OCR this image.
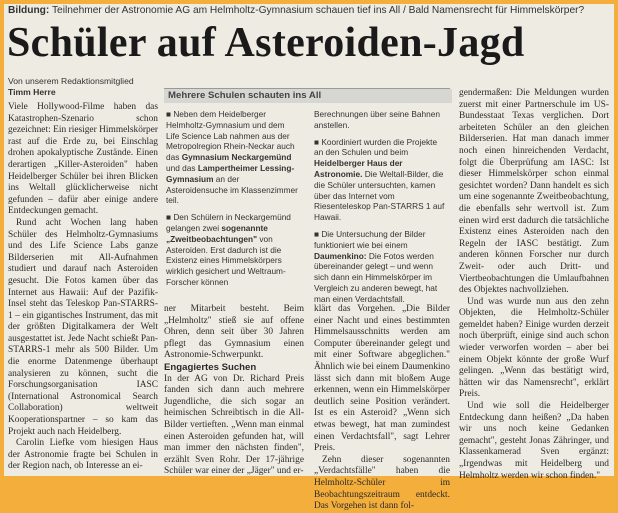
Bildung: Teilnehmer der Astronomie AG am Helmholtz-Gymnasium schauen tief ins All / Bald Namensrecht für Himmelskörper?
Schüler auf Asteroiden-Jagd
Von unserem Redaktionsmitglied
Timm Herre

Viele Hollywood-Filme haben das Katastrophen-Szenario schon gezeichnet: Ein riesiger Himmelskörper rast auf die Erde zu, bei Einschlag drohen apokalyptische Zustände. Einen derartigen „Killer-Asteroiden" haben Heidelberger Schüler bei ihren Blicken ins Weltall glücklicherweise nicht gefunden – dafür aber einige andere Entdeckungen gemacht.

Rund acht Wochen lang haben Schüler des Helmholtz-Gymnasiums und des Life Science Labs ganze Bilderserien mit All-Aufnahmen studiert und darauf nach Asteroiden gesucht. Die Fotos kamen über das Internet aus Hawaii: Auf der Pazifik-Insel steht das Teleskop Pan-STARRS-1 – ein gigantisches Instrument, das mit der größten Digitalkamera der Welt ausgestattet ist. Jede Nacht schießt Pan-STARRS-1 mehr als 500 Bilder. Um die enorme Datenmenge überhaupt analysieren zu können, sucht die Forschungsorganisation IASC (International Astronomical Search Collaboration) weltweit Kooperationspartner – so kam das Projekt auch nach Heidelberg.

Carolin Liefke vom hiesigen Haus der Astronomie fragte bei Schulen in der Region nach, ob Interesse an ei-

Mehrere Schulen schauten ins All

■ Neben dem Heidelberger Helmholtz-Gymnasium und dem Life Science Lab nahmen aus der Metropolregion Rhein-Neckar auch das Gymnasium Neckargemünd und das Lampertheimer Lessing-Gymnasium an der Asteroidensuche im Klassenzimmer teil.

■ Den Schülern in Neckargemünd gelangen zwei sogenannte „Zweitbeobachtungen" von Asteroiden. Erst dadurch ist die Existenz eines Himmelskörpers wirklich gesichert und Weltraum-Forscher können

Berechnungen über seine Bahnen anstellen.

■ Koordiniert wurden die Projekte an den Schulen und beim Heidelberger Haus der Astronomie. Die Weltall-Bilder, die die Schüler untersuchten, kamen über das Internet vom Riesenteleskop Pan-STARRS 1 auf Hawaii.

■ Die Untersuchung der Bilder funktioniert wie bei einem Daumenkino: Die Fotos werden übereinander gelegt – und wenn sich dann ein Himmelskörper im Vergleich zu anderen bewegt, hat man einen Verdachtsfall.

ner Mitarbeit besteht. Beim „Helmholtz" stieß sie auf offene Ohren, denn seit über 30 Jahren pflegt das Gymnasium einen Astronomie-Schwerpunkt.

Engagiertes Suchen

In der AG von Dr. Richard Preis fanden sich dann auch mehrere Jugendliche, die sich sogar an heimischen Schreibtisch in die All-Bilder vertieften. „Wenn man einmal einen Asteroiden gefunden hat, will man immer den nächsten finden", erzählt Sven Rohr. Der 17-jährige Schüler war einer der „Jäger" und er-

klärt das Vorgehen. „Die Bilder einer Nacht und eines bestimmten Himmelsausschnitts werden am Computer übereinander gelegt und mit einer Software abgeglichen." Ähnlich wie bei einem Daumenkino lässt sich dann mit bloßem Auge erkennen, wenn ein Himmelskörper deutlich seine Position verändert. Ist es ein Asteroid? „Wenn sich etwas bewegt, hat man zumindest einen Verdachtsfall", sagt Lehrer Preis.

Zehn dieser sogenannten „Verdachtsfälle" haben die Helmholtz-Schüler im Beobachtungszeitraum entdeckt. Das Vorgehen ist dann fol-

gendermaßen: Die Meldungen wurden zuerst mit einer Partnerschule im US-Bundesstaat Texas verglichen. Dort arbeiteten Schüler an den gleichen Bilderserien. Hat man danach immer noch einen hinreichenden Verdacht, folgt die Überprüfung am IASC: Ist dieser Himmelskörper schon einmal gesichtet worden? Dann handelt es sich um eine sogenannte Zweitbeobachtung, die ebenfalls sehr wertvoll ist. Zum einen wird erst dadurch die tatsächliche Existenz eines Asteroiden nach den Regeln der IASC bestätigt. Zum anderen können Forscher nur durch Zweit- oder auch Dritt- und Viertbeobachtungen die Umlaufbahnen des Objektes nachvollziehen.

Und was wurde nun aus den zehn Objekten, die Helmholtz-Schüler gemeldet haben? Einige wurden derzeit noch überprüft, einige sind auch schon wieder verworfen worden – aber bei einem Objekt könnte der große Wurf gelingen. „Wenn das bestätigt wird, hätten wir das Namensrecht", erklärt Preis.

Und wie soll die Heidelberger Entdeckung dann heißen? „Da haben wir uns noch keine Gedanken gemacht", gesteht Jonas Zähringer, und Klassenkamerad Sven ergänzt: „Irgendwas mit Heidelberg und Helmholtz werden wir schon finden."
